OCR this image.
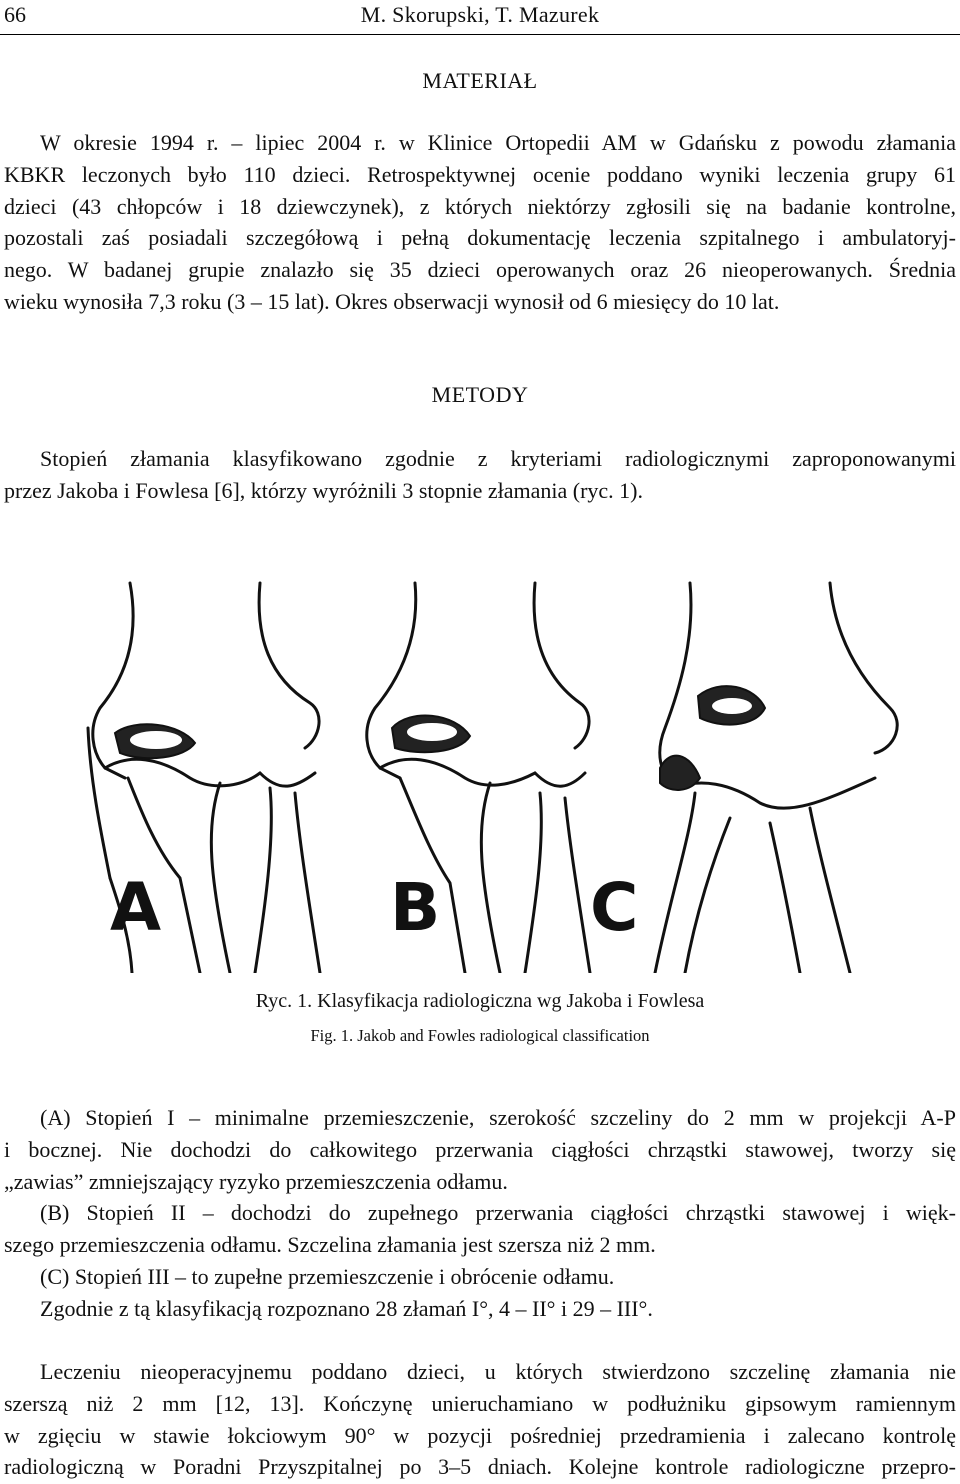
66	M. Skorupski, T. Mazurek
MATERIAŁ
W okresie 1994 r. – lipiec 2004 r. w Klinice Ortopedii AM w Gdańsku z powodu złamania
KBKR leczonych było 110 dzieci. Retrospektywnej ocenie poddano wyniki leczenia grupy 61
dzieci (43 chłopców i 18 dziewczynek), z których niektórzy zgłosili się na badanie kontrolne,
pozostali zaś posiadali szczegółową i pełną dokumentację leczenia szpitalnego i ambulatoryj-
nego. W badanej grupie znalazło się 35 dzieci operowanych oraz 26 nieoperowanych. Średnia
wieku wynosiła 7,3 roku (3 – 15 lat). Okres obserwacji wynosił od 6 miesięcy do 10 lat.
METODY
Stopień złamania klasyfikowano zgodnie z kryteriami radiologicznymi zaproponowanymi
przez Jakoba i Fowlesa [6], którzy wyróżnili 3 stopnie złamania (ryc. 1).
A	B C
Ryc. 1. Klasyfikacja radiologiczna wg Jakoba i Fowlesa
Fig. 1. Jakob and Fowles radiological classification
(A) Stopień I – minimalne przemieszczenie, szerokość szczeliny do 2 mm w projekcji A-P
i bocznej. Nie dochodzi do całkowitego przerwania ciągłości chrząstki stawowej, tworzy się
„zawias” zmniejszający ryzyko przemieszczenia odłamu.
(B) Stopień II – dochodzi do zupełnego przerwania ciągłości chrząstki stawowej i więk-
szego przemieszczenia odłamu. Szczelina złamania jest szersza niż 2 mm.
(C) Stopień III – to zupełne przemieszczenie i obrócenie odłamu.
Zgodnie z tą klasyfikacją rozpoznano 28 złamań I°, 4 – II° i 29 – III°.
Leczeniu nieoperacyjnemu poddano dzieci, u których stwierdzono szczelinę złamania nie
szerszą niż 2 mm [12, 13]. Kończynę unieruchamiano w podłużniku gipsowym ramiennym
w zgięciu w stawie łokciowym 90° w pozycji pośredniej przedramienia i zalecano kontrolę
radiologiczną w Poradni Przyszpitalnej po 3–5 dniach. Kolejne kontrole radiologiczne przepro-
